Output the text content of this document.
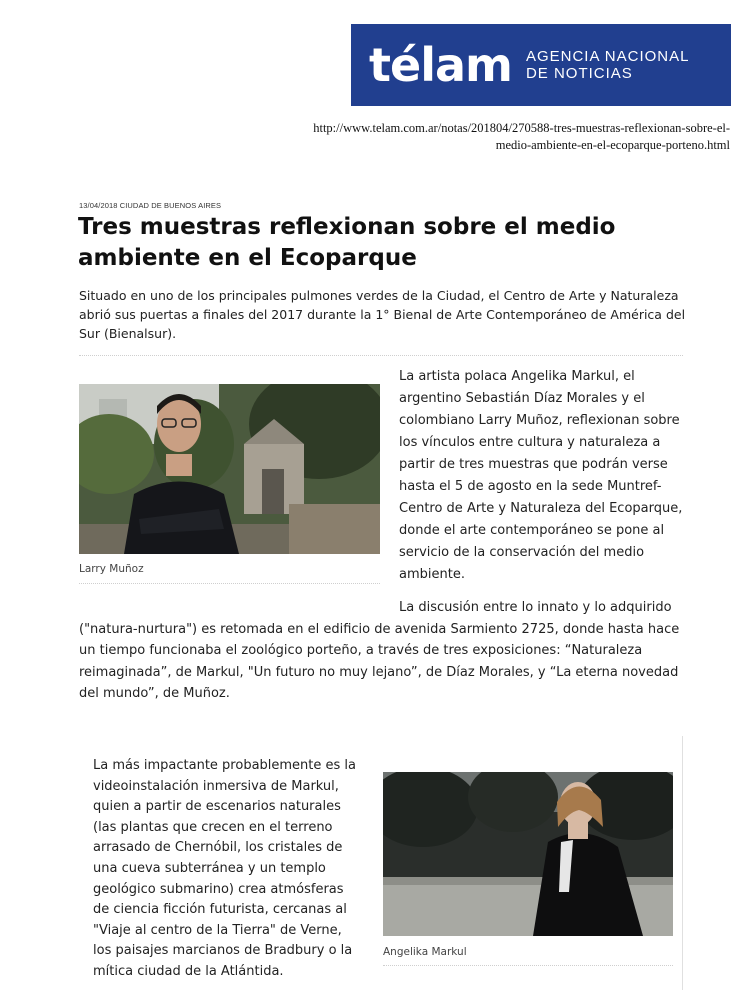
télam AGENCIA NACIONAL
DE NOTICIAS
http://www.telam.com.ar/notas/201804/270588-tres-muestras-reflexionan-sobre-el-medio-ambiente-en-el-ecoparque-porteno.html
13/04/2018 CIUDAD DE BUENOS AIRES
Tres muestras reflexionan sobre el medio ambiente en el Ecoparque

Situado en uno de los principales pulmones verdes de la Ciudad, el Centro de Arte y Naturaleza abrió sus puertas a finales del 2017 durante la 1° Bienal de Arte Contemporáneo de América del Sur (Bienalsur).

Larry Muñoz

La artista polaca Angelika Markul, el argentino Sebastián Díaz Morales y el colombiano Larry Muñoz, reflexionan sobre los vínculos entre cultura y naturaleza a partir de tres muestras que podrán verse hasta el 5 de agosto en la sede Muntref-Centro de Arte y Naturaleza del Ecoparque, donde el arte contemporáneo se pone al servicio de la conservación del medio ambiente.

La discusión entre lo innato y lo adquirido ("natura-nurtura") es retomada en el edificio de avenida Sarmiento 2725, donde hasta hace un tiempo funcionaba el zoológico porteño, a través de tres exposiciones: “Naturaleza reimaginada”, de Markul, "Un futuro no muy lejano”, de Díaz Morales, y “La eterna novedad del mundo”, de Muñoz.

La más impactante probablemente es la videoinstalación inmersiva de Markul, quien a partir de escenarios naturales (las plantas que crecen en el terreno arrasado de Chernóbil, los cristales de una cueva subterránea y un templo geológico submarino) crea atmósferas de ciencia ficción futurista, cercanas al "Viaje al centro de la Tierra" de Verne, los paisajes marcianos de Bradbury o la mítica ciudad de la Atlántida.

Angelika Markul
